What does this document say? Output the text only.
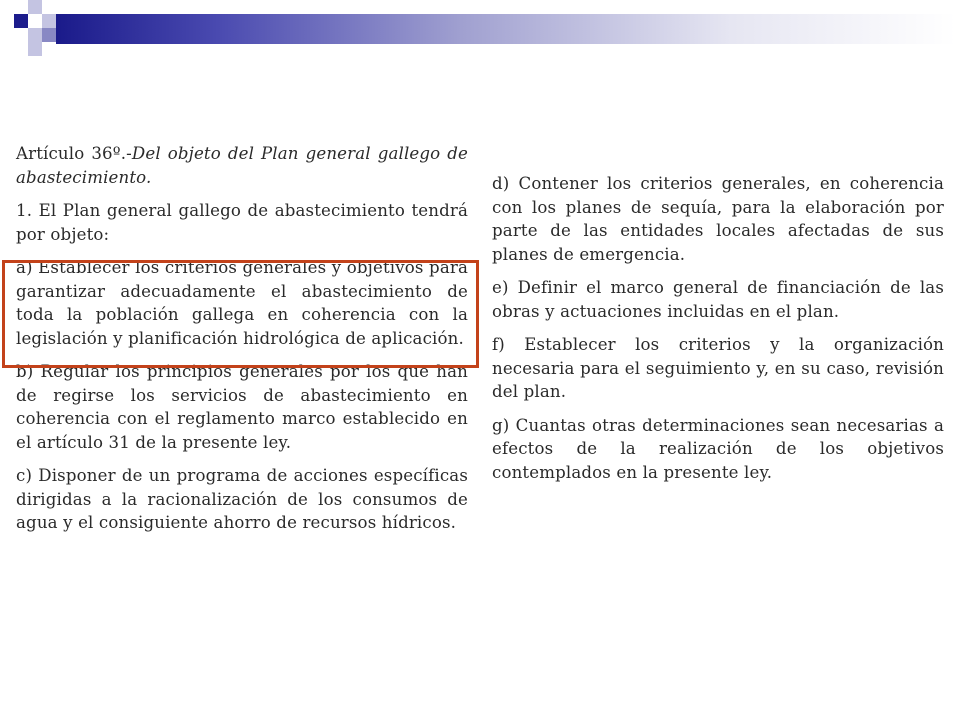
Artículo 36º.-Del objeto del Plan general gallego de abastecimiento.

1. El Plan general gallego de abastecimiento tendrá por objeto:

a) Establecer los criterios generales y objetivos para garantizar adecuadamente el abastecimiento de toda la población gallega en coherencia con la legislación y planificación hidrológica de aplicación.

b) Regular los principios generales por los que han de regirse los servicios de abastecimiento en coherencia con el reglamento marco establecido en el artículo 31 de la presente ley.

c) Disponer de un programa de acciones específicas dirigidas a la racionalización de los consumos de agua y el consiguiente ahorro de recursos hídricos.

d) Contener los criterios generales, en coherencia con los planes de sequía, para la elaboración por parte de las entidades locales afectadas de sus planes de emergencia.

e) Definir el marco general de financiación de las obras y actuaciones incluidas en el plan.

f) Establecer los criterios y la organización necesaria para el seguimiento y, en su caso, revisión del plan.

g) Cuantas otras determinaciones sean necesarias a efectos de la realización de los objetivos contemplados en la presente ley.
